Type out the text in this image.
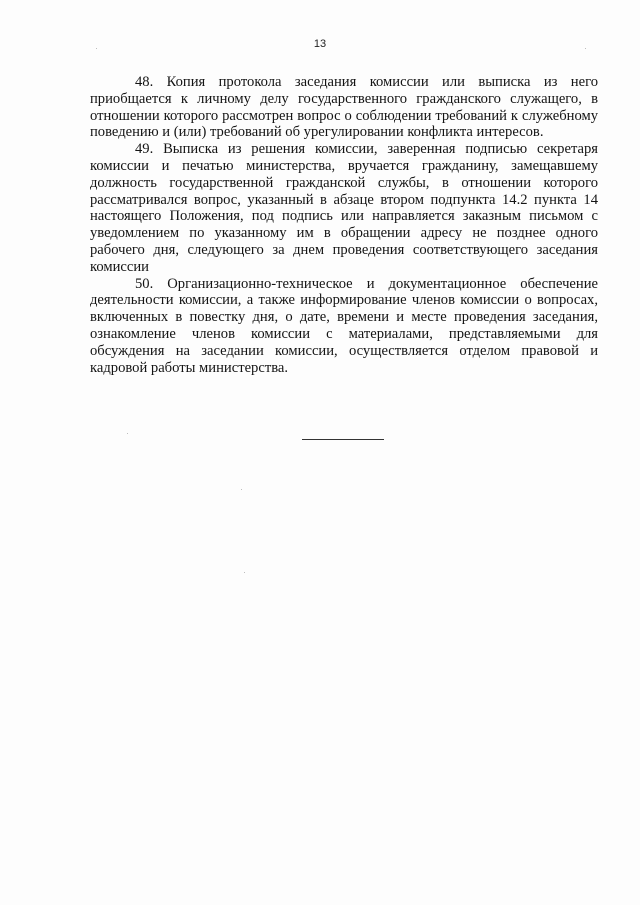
13

48. Копия протокола заседания комиссии или выписка из него приобщается к личному делу государственного гражданского служащего, в отношении которого рассмотрен вопрос о соблюдении требований к служебному поведению и (или) требований об урегулировании конфликта интересов.

49. Выписка из решения комиссии, заверенная подписью секретаря комиссии и печатью министерства, вручается гражданину, замещавшему должность государственной гражданской службы, в отношении которого рассматривался вопрос, указанный в абзаце втором подпункта 14.2 пункта 14 настоящего Положения, под подпись или направляется заказным письмом с уведомлением по указанному им в обращении адресу не позднее одного рабочего дня, следующего за днем проведения соответствующего заседания комиссии

50. Организационно-техническое и документационное обеспечение деятельности комиссии, а также информирование членов комиссии о вопросах, включенных в повестку дня, о дате, времени и месте проведения заседания, ознакомление членов комиссии с материалами, представляемыми для обсуждения на заседании комиссии, осуществляется отделом правовой и кадровой работы министерства.
